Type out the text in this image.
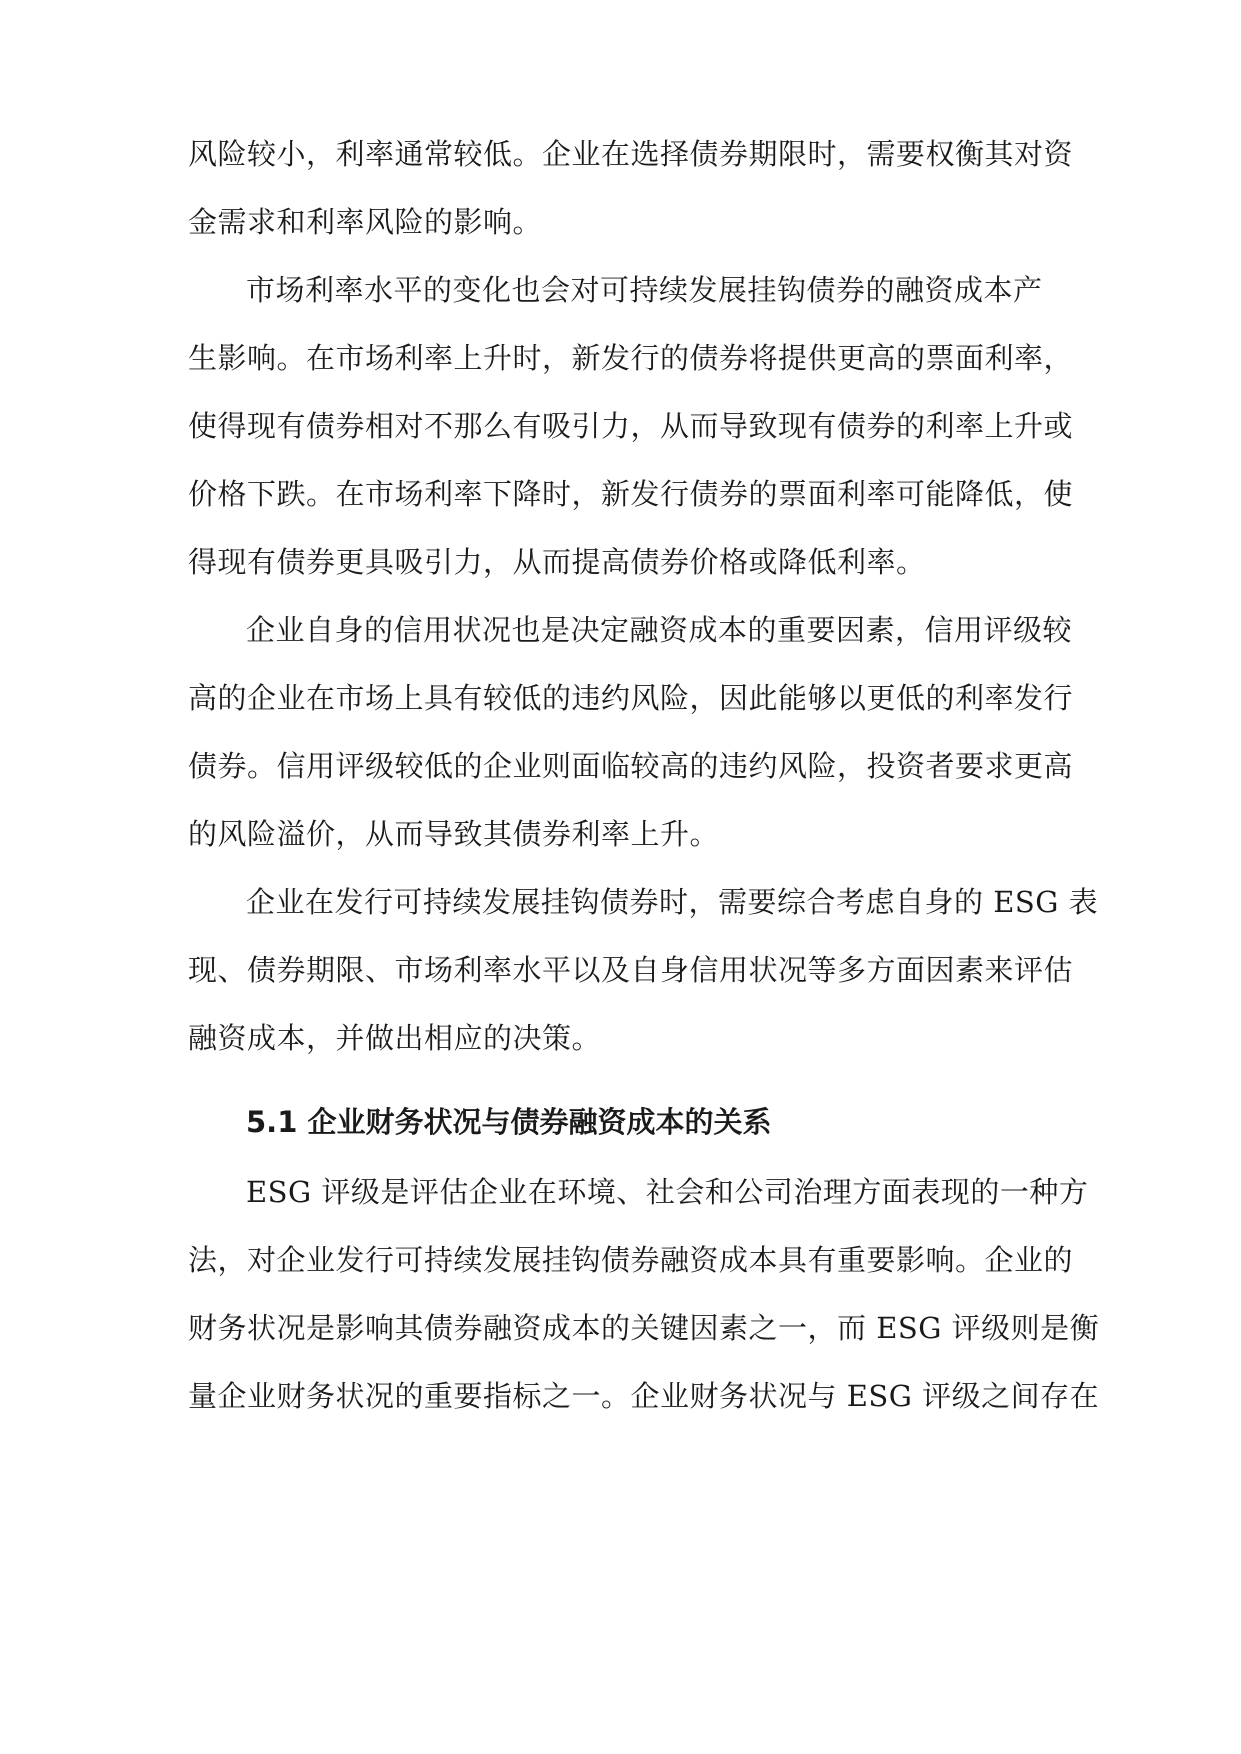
风险较小，利率通常较低。企业在选择债券期限时，需要权衡其对资
金需求和利率风险的影响。
市场利率水平的变化也会对可持续发展挂钩债券的融资成本产
生影响。在市场利率上升时，新发行的债券将提供更高的票面利率，
使得现有债券相对不那么有吸引力，从而导致现有债券的利率上升或
价格下跌。在市场利率下降时，新发行债券的票面利率可能降低，使
得现有债券更具吸引力，从而提高债券价格或降低利率。
企业自身的信用状况也是决定融资成本的重要因素，信用评级较
高的企业在市场上具有较低的违约风险，因此能够以更低的利率发行
债券。信用评级较低的企业则面临较高的违约风险，投资者要求更高
的风险溢价，从而导致其债券利率上升。
企业在发行可持续发展挂钩债券时，需要综合考虑自身的 ESG 表
现、债券期限、市场利率水平以及自身信用状况等多方面因素来评估
融资成本，并做出相应的决策。
5.1 企业财务状况与债券融资成本的关系
ESG 评级是评估企业在环境、社会和公司治理方面表现的一种方
法，对企业发行可持续发展挂钩债券融资成本具有重要影响。企业的
财务状况是影响其债券融资成本的关键因素之一，而 ESG 评级则是衡
量企业财务状况的重要指标之一。企业财务状况与 ESG 评级之间存在
